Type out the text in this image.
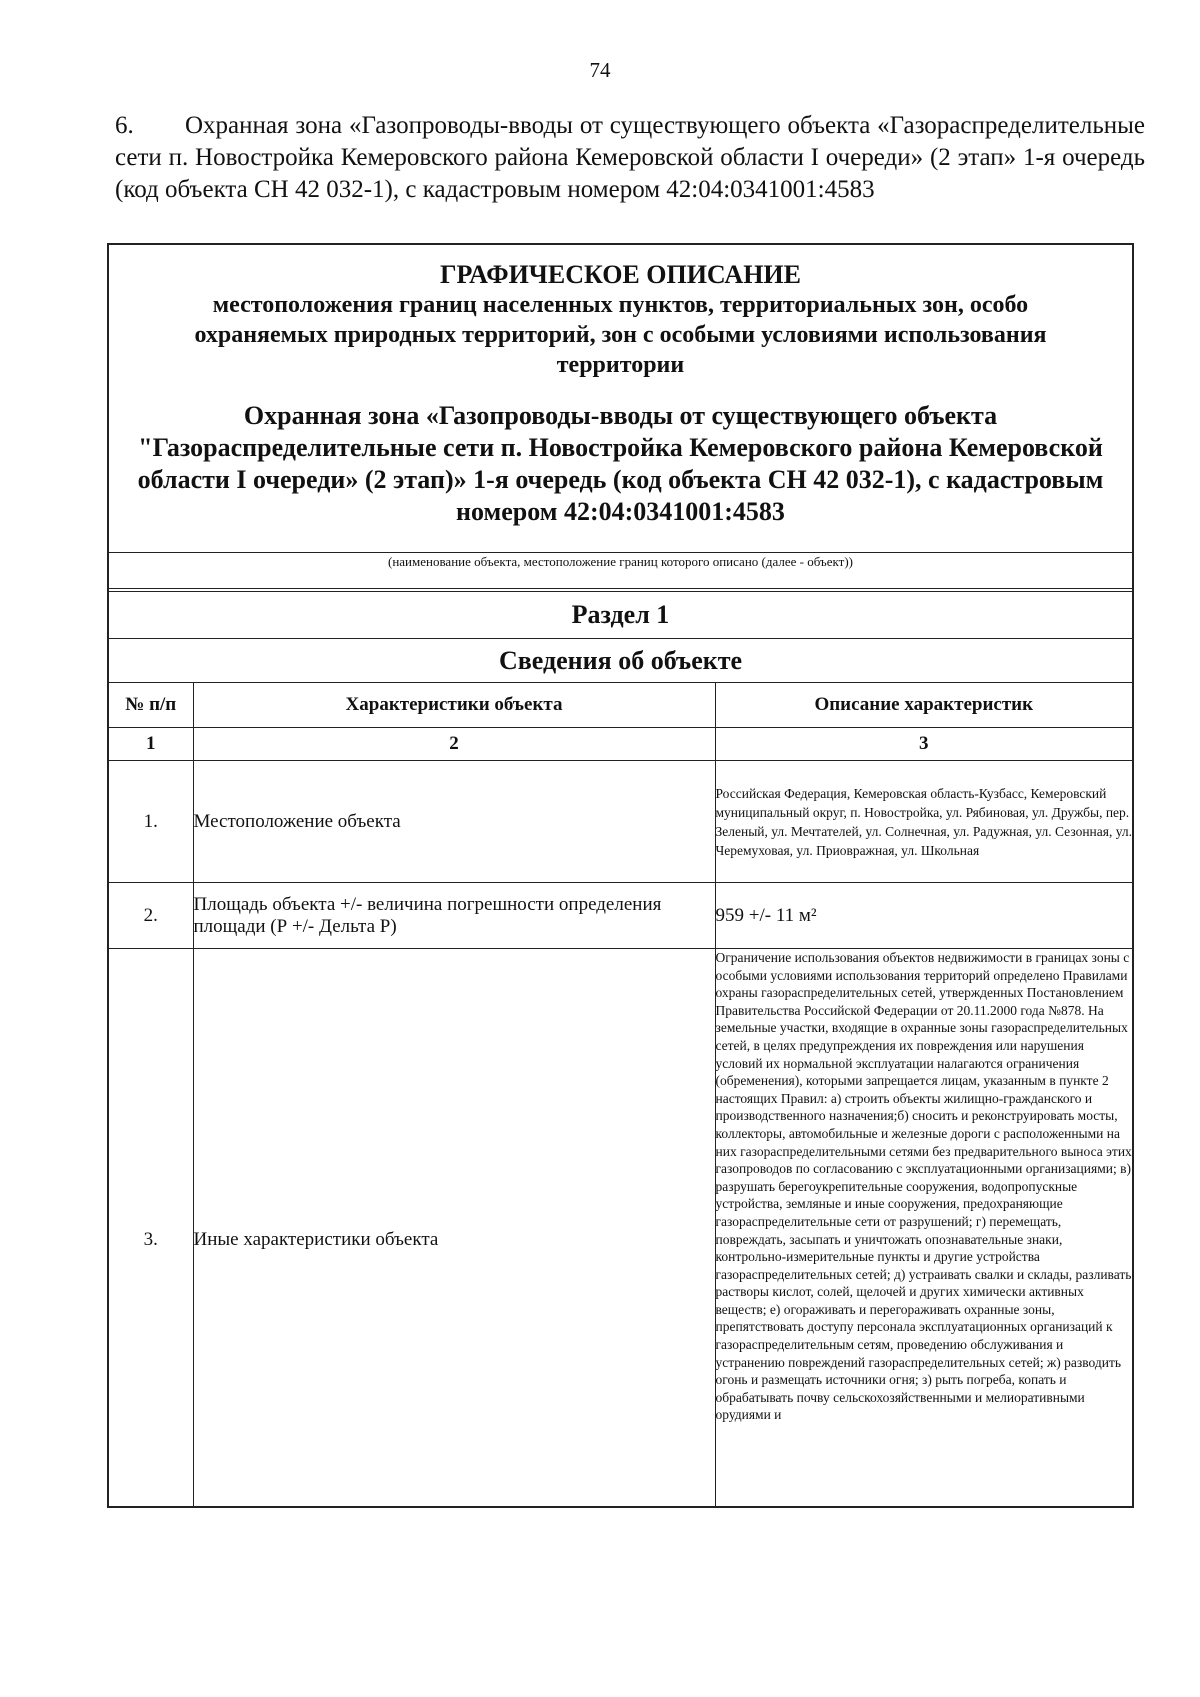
74
6. Охранная зона «Газопроводы-вводы от существующего объекта «Газораспределительные сети п. Новостройка Кемеровского района Кемеровской области I очереди» (2 этап» 1-я очередь (код объекта СН 42 032-1), с кадастровым номером 42:04:0341001:4583
ГРАФИЧЕСКОЕ ОПИСАНИЕ
местоположения границ населенных пунктов, территориальных зон, особо охраняемых природных территорий, зон с особыми условиями использования территории
Охранная зона «Газопроводы-вводы от существующего объекта "Газораспределительные сети п. Новостройка Кемеровского района Кемеровской области I очереди» (2 этап)» 1-я очередь (код объекта СН 42 032-1), с кадастровым номером 42:04:0341001:4583
(наименование объекта, местоположение границ которого описано (далее - объект))
Раздел 1
Сведения об объекте
№ п/п	Характеристики объекта	Описание характеристик
1	2	3
1.	Местоположение объекта	Российская Федерация, Кемеровская область-Кузбасс, Кемеровский муниципальный округ, п. Новостройка, ул. Рябиновая, ул. Дружбы, пер. Зеленый, ул. Мечтателей, ул. Солнечная, ул. Радужная, ул. Сезонная, ул. Черемуховая, ул. Приовражная, ул. Школьная
2.	Площадь объекта +/- величина погрешности определения площади (Р +/- Дельта Р)	959 +/- 11 м²
3.	Иные характеристики объекта	Ограничение использования объектов недвижимости в границах зоны с особыми условиями использования территорий определено Правилами охраны газораспределительных сетей, утвержденных Постановлением Правительства Российской Федерации от 20.11.2000 года №878. На земельные участки, входящие в охранные зоны газораспределительных сетей, в целях предупреждения их повреждения или нарушения условий их нормальной эксплуатации налагаются ограничения (обременения), которыми запрещается лицам, указанным в пункте 2 настоящих Правил: а) строить объекты жилищно-гражданского и производственного назначения;б) сносить и реконструировать мосты, коллекторы, автомобильные и железные дороги с расположенными на них газораспределительными сетями без предварительного выноса этих газопроводов по согласованию с эксплуатационными организациями; в) разрушать берегоукрепительные сооружения, водопропускные устройства, земляные и иные сооружения, предохраняющие газораспределительные сети от разрушений; г) перемещать, повреждать, засыпать и уничтожать опознавательные знаки, контрольно-измерительные пункты и другие устройства газораспределительных сетей; д) устраивать свалки и склады, разливать растворы кислот, солей, щелочей и других химически активных веществ; е) огораживать и перегораживать охранные зоны, препятствовать доступу персонала эксплуатационных организаций к газораспределительным сетям, проведению обслуживания и устранению повреждений газораспределительных сетей; ж) разводить огонь и размещать источники огня; з) рыть погреба, копать и обрабатывать почву сельскохозяйственными и мелиоративными орудиями и
